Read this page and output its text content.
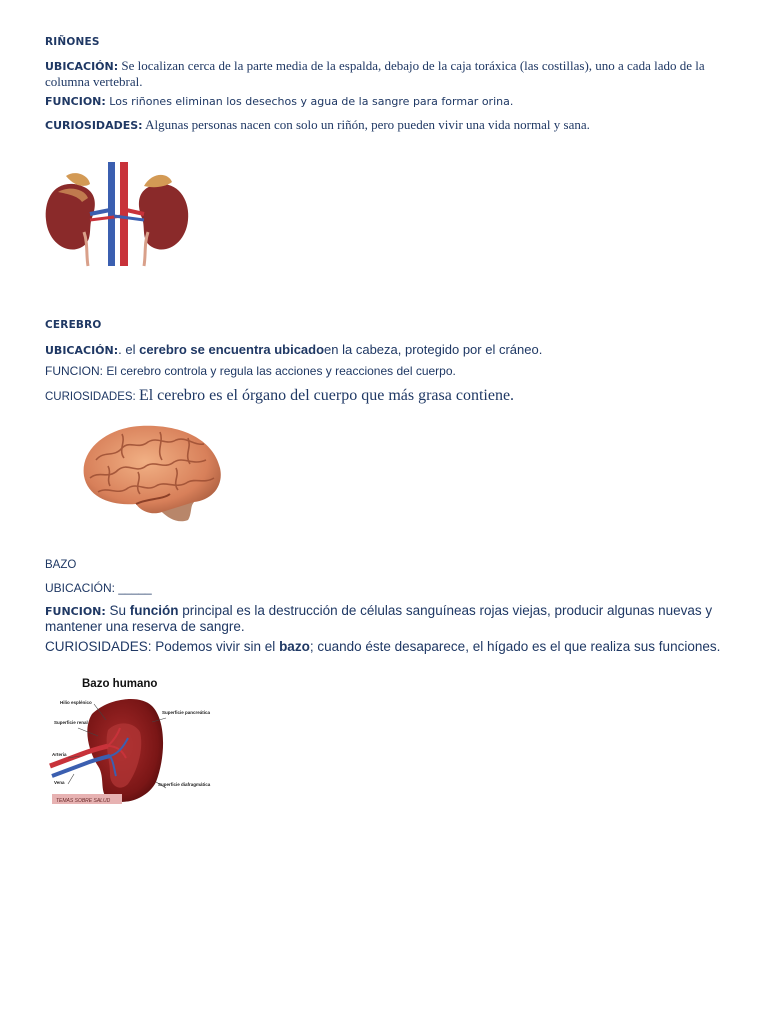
RIÑONES

UBICACIÓN: Se localizan cerca de la parte media de la espalda, debajo de la caja toráxica (las costillas), uno a cada lado de la columna vertebral.

FUNCION: Los riñones eliminan los desechos y agua de la sangre para formar orina.

CURIOSIDADES: Algunas personas nacen con solo un riñón, pero pueden vivir una vida normal y sana.

CEREBRO

UBICACIÓN:. el cerebro se encuentra ubicadoen la cabeza, protegido por el cráneo.

FUNCION: El cerebro controla y regula las acciones y reacciones del cuerpo.

CURIOSIDADES: El cerebro es el órgano del cuerpo que más grasa contiene.

BAZO

UBICACIÓN: _____

FUNCION: Su función principal es la destrucción de células sanguíneas rojas viejas, producir algunas nuevas y mantener una reserva de sangre.

CURIOSIDADES: Podemos vivir sin el bazo; cuando éste desaparece, el hígado es el que realiza sus funciones.

Bazo humano
Hilio esplénico
Superficie renal
Arteria
Vena
Superficie pancreática
Superficie diafragmática
TEMAS SOBRE SALUD
